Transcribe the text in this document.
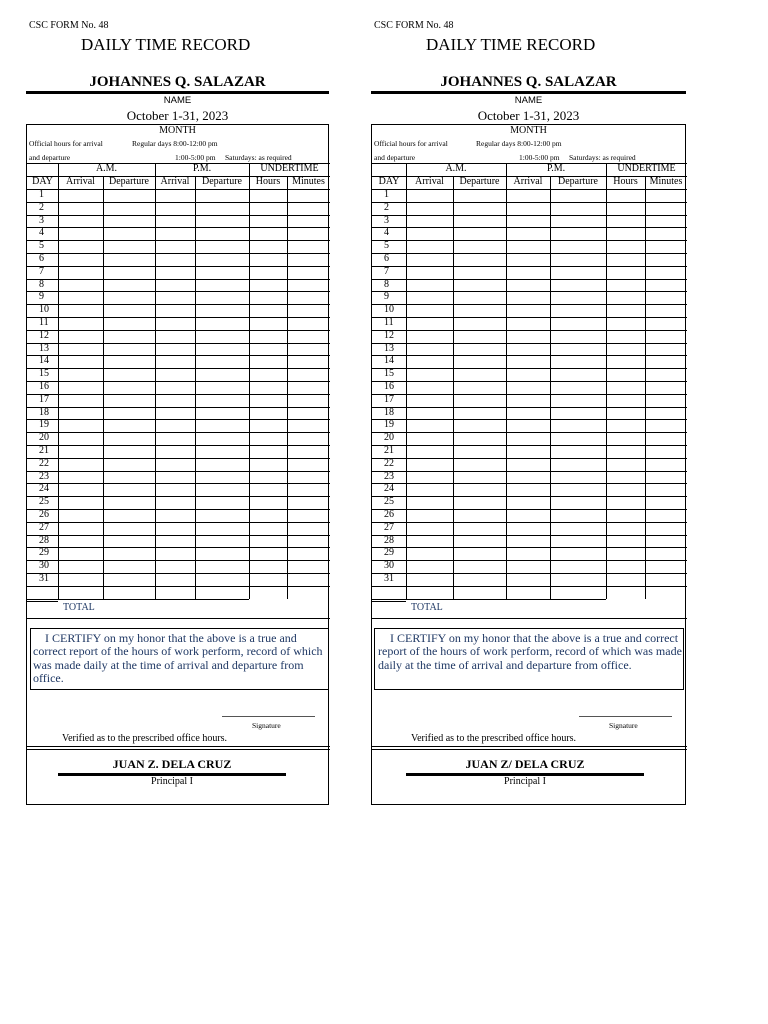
CSC FORM No. 48
DAILY TIME RECORD
JOHANNES Q. SALAZAR
NAME
October 1-31, 2023
MONTH
Official hours for arrival	Regular days 8:00-12:00 pm
and departure	1:00-5:00 pm Saturdays: as required
A.M.	P.M.	UNDERTIME
DAY	Arrival	Departure	Arrival	Departure	Hours	Minutes
1
2
3
4
5
6
7
8
9
10
11
12
13
14
15
16
17
18
19
20
21
22
23
24
25
26
27
28
29
30
31
TOTAL
I CERTIFY on my honor that the above is a true and correct report of the hours of work perform, record of which was made daily at the time of arrival and departure from office.
Signature
Verified as to the prescribed office hours.
JUAN Z. DELA CRUZ
Principal I
CSC FORM No. 48
DAILY TIME RECORD
JOHANNES Q. SALAZAR
NAME
October 1-31, 2023
MONTH
Official hours for arrival	Regular days 8:00-12:00 pm
and departure	1:00-5:00 pm Saturdays: as required
A.M.	P.M.	UNDERTIME
DAY	Arrival	Departure	Arrival	Departure	Hours	Minutes
1
2
3
4
5
6
7
8
9
10
11
12
13
14
15
16
17
18
19
20
21
22
23
24
25
26
27
28
29
30
31
TOTAL
I CERTIFY on my honor that the above is a true and correct report of the hours of work perform, record of which was made daily at the time of arrival and departure from office.
Signature
Verified as to the prescribed office hours.
JUAN Z/ DELA CRUZ
Principal I
